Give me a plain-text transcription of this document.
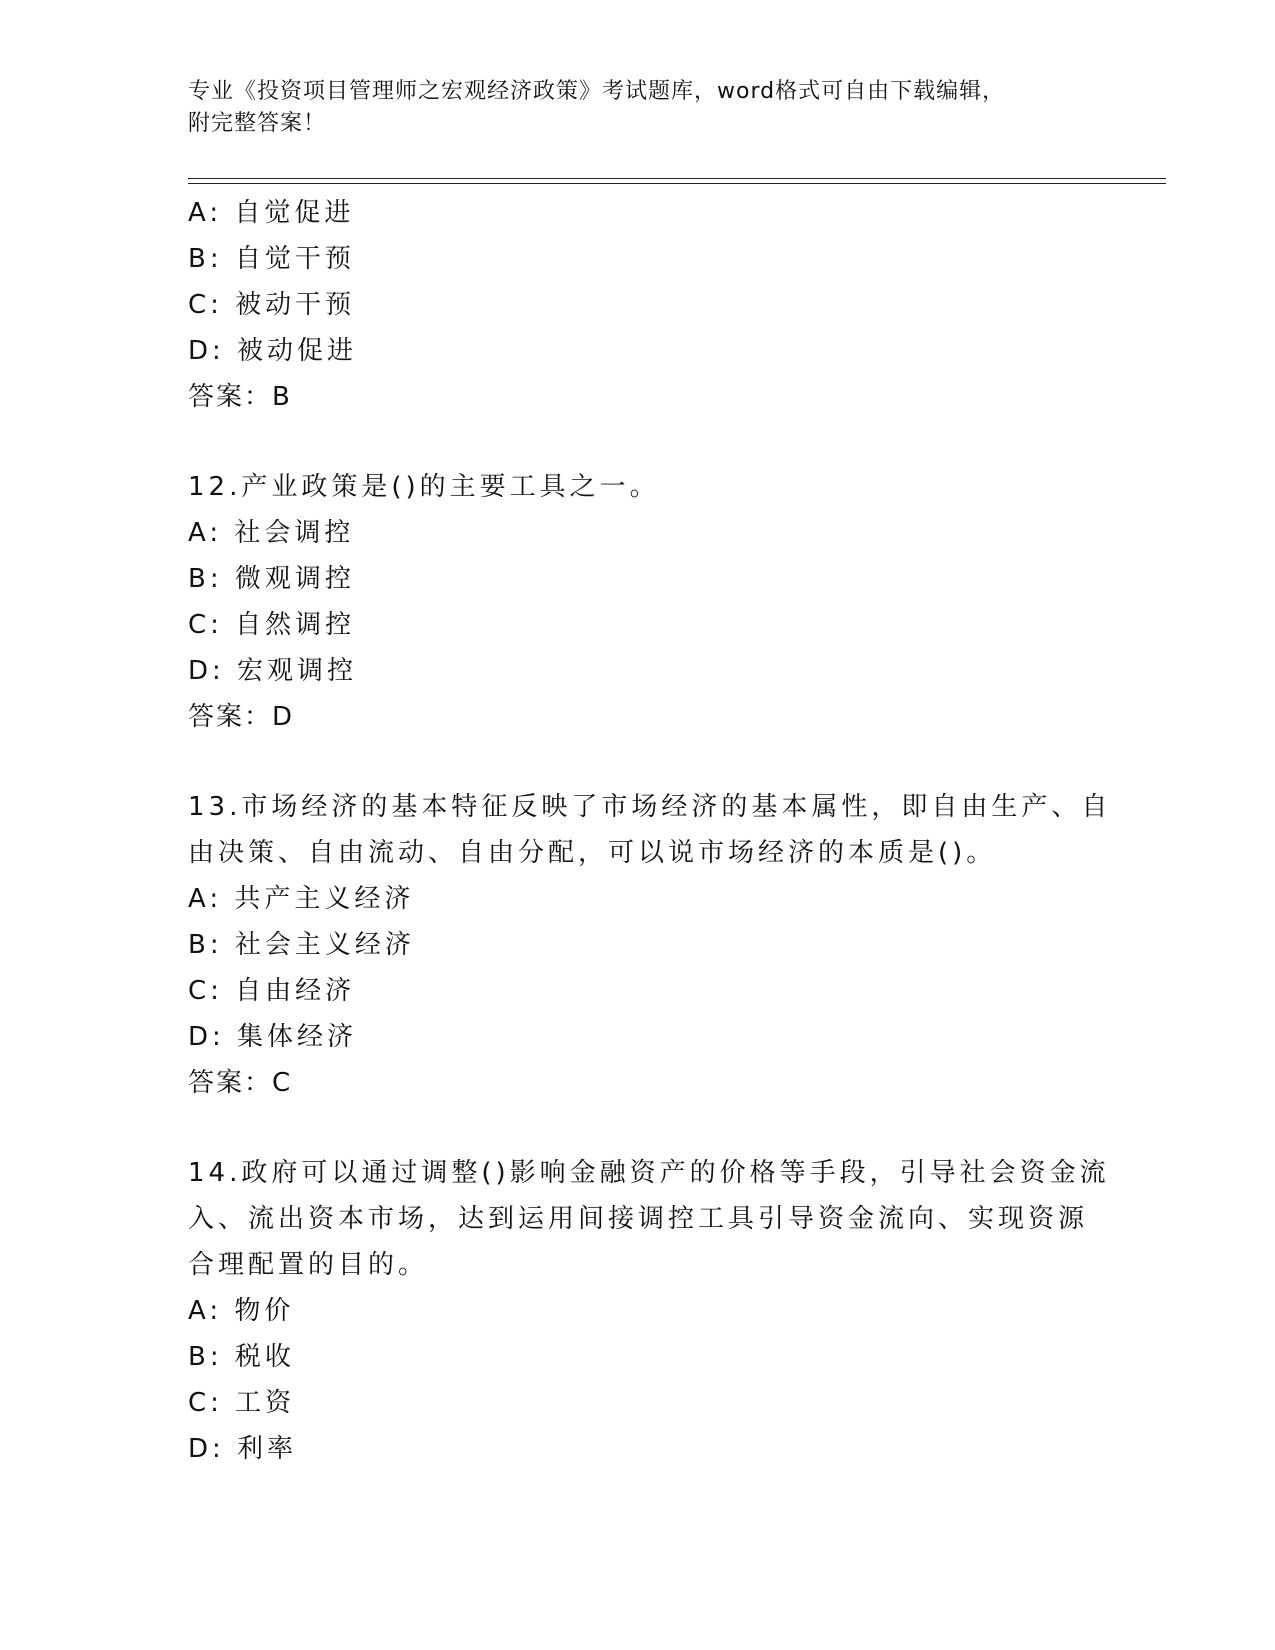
专业《投资项目管理师之宏观经济政策》考试题库，word格式可自由下载编辑，
附完整答案！
A: 自觉促进
B: 自觉干预
C: 被动干预
D: 被动促进
答案：B
12.产业政策是()的主要工具之一。
A: 社会调控
B: 微观调控
C: 自然调控
D: 宏观调控
答案：D
13.市场经济的基本特征反映了市场经济的基本属性，即自由生产、自
由决策、自由流动、自由分配，可以说市场经济的本质是()。
A: 共产主义经济
B: 社会主义经济
C: 自由经济
D: 集体经济
答案：C
14.政府可以通过调整()影响金融资产的价格等手段，引导社会资金流
入、流出资本市场，达到运用间接调控工具引导资金流向、实现资源
合理配置的目的。
A: 物价
B: 税收
C: 工资
D: 利率
